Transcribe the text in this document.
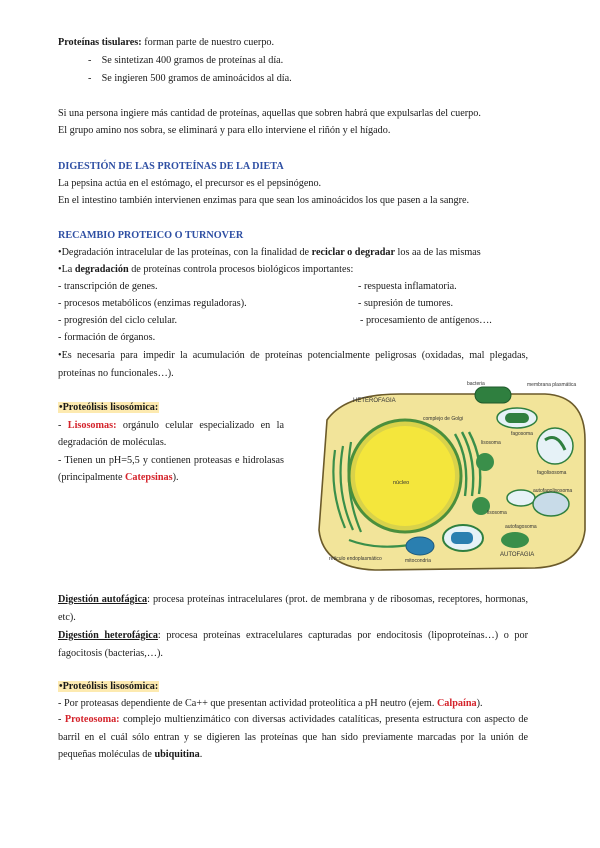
Proteínas tisulares: forman parte de nuestro cuerpo.
-    Se sintetizan 400 gramos de proteínas al día.
-    Se ingieren 500 gramos de aminoácidos al día.
Si una persona ingiere más cantidad de proteínas, aquellas que sobren habrá que expulsarlas del cuerpo.
El grupo amino nos sobra, se eliminará y para ello interviene el riñón y el hígado.
DIGESTIÓN DE LAS PROTEÍNAS DE LA DIETA
La pepsina actúa en el estómago, el precursor es el pepsinógeno.
En el intestino también intervienen enzimas para que sean los aminoácidos los que pasen a la sangre.
RECAMBIO PROTEICO O TURNOVER
•Degradación intracelular de las proteínas, con la finalidad de reciclar o degradar los aa de las mismas
•La degradación de proteínas controla procesos biológicos importantes:
- transcripción de genes.
- procesos metabólicos (enzimas reguladoras).
- progresión del ciclo celular.
- formación de órganos.
- respuesta inflamatoria.
- supresión de tumores.
- procesamiento de antígenos….
•Es necesaria para impedir la acumulación de proteínas potencialmente peligrosas (oxidadas, mal plegadas, proteínas no funcionales…).
•Proteólisis lisosómica:
- Lisosomas: orgánulo celular especializado en la degradación de moléculas.
- Tienen un pH=5,5 y contienen proteasas e hidrolasas (principalmente Catepsinas).	núcleo
HETEROFAGIA
bacteria	membrana plasmática
complejo de Golgi
fagosoma
lisosoma
fagolisosoma
lisosoma
autofagolisosoma
AUTOFAGIA
autofagosoma
retículo endoplasmático	mitocondria
Digestión autofágica: procesa proteínas intracelulares (prot. de membrana y de ribosomas, receptores, hormonas, etc).
Digestión heterofágica: procesa proteínas extracelulares capturadas por endocitosis (lipoproteínas…) o por fagocitosis (bacterias,…).
•Proteólisis lisosómica:
- Por proteasas dependiente de Ca++ que presentan actividad proteolítica a pH neutro (ejem. Calpaína).
- Proteosoma: complejo multienzimático con diversas actividades catalíticas, presenta estructura con aspecto de barril en el cuál sólo entran y se digieren las proteínas que han sido previamente marcadas por la unión de pequeñas moléculas de ubiquitina.
